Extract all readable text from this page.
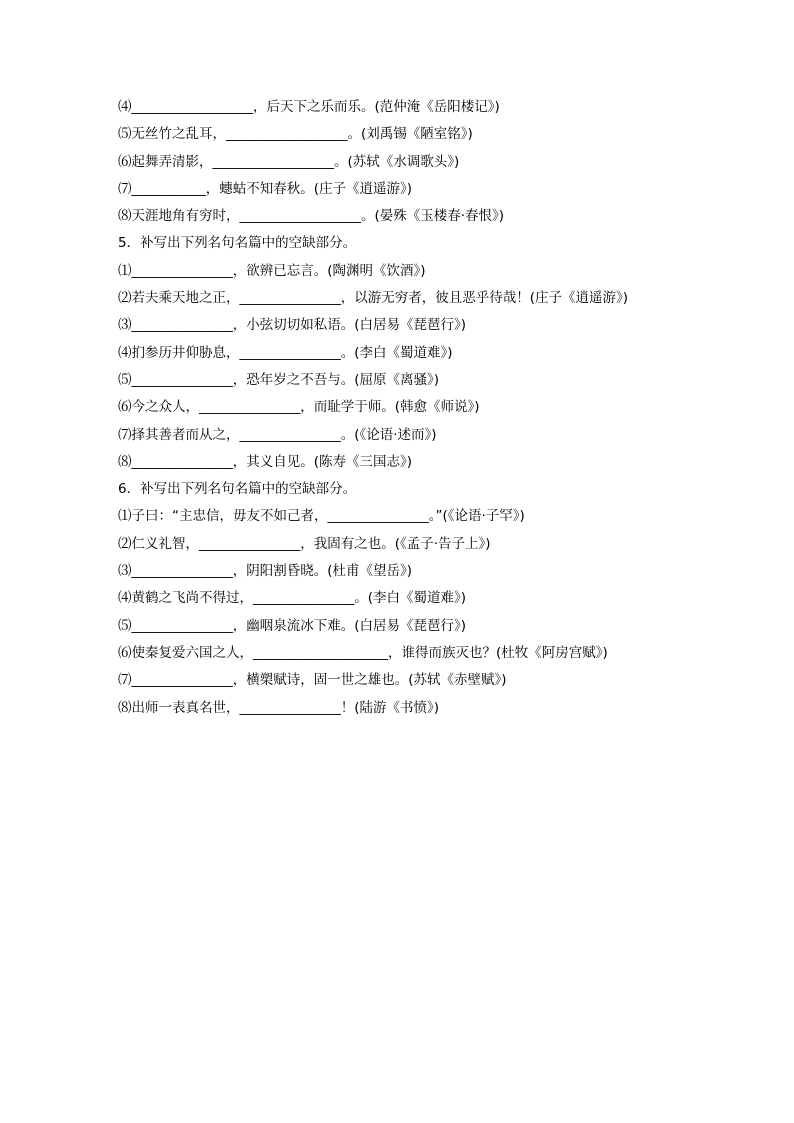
⑷__________________，后天下之乐而乐。(范仲淹《岳阳楼记》)
⑸无丝竹之乱耳，__________________。(刘禹锡《陋室铭》)
⑹起舞弄清影，__________________。(苏轼《水调歌头》)
⑺___________，蟪蛄不知春秋。(庄子《逍遥游》)
⑻天涯地角有穷时，__________________。(晏殊《玉楼春·春恨》)
5．补写出下列名句名篇中的空缺部分。
⑴_______________，欲辨已忘言。(陶渊明《饮酒》)
⑵若夫乘天地之正，_______________，以游无穷者，彼且恶乎待哉！(庄子《逍遥游》)
⑶_______________，小弦切切如私语。(白居易《琵琶行》)
⑷扪参历井仰胁息，_______________。(李白《蜀道难》)
⑸_______________，恐年岁之不吾与。(屈原《离骚》)
⑹今之众人，_______________，而耻学于师。(韩愈《师说》)
⑺择其善者而从之，_______________。(《论语·述而》)
⑻_______________，其义自见。(陈寿《三国志》)
6．补写出下列名句名篇中的空缺部分。
⑴子曰：“主忠信，毋友不如己者，_______________。”(《论语·子罕》)
⑵仁义礼智，_______________，我固有之也。(《孟子·告子上》)
⑶_______________，阴阳割昏晓。(杜甫《望岳》)
⑷黄鹤之飞尚不得过，_______________。(李白《蜀道难》)
⑸_______________，幽咽泉流冰下难。(白居易《琵琶行》)
⑹使秦复爱六国之人，____________________，谁得而族灭也？(杜牧《阿房宫赋》)
⑺_______________，横槊赋诗，固一世之雄也。(苏轼《赤壁赋》)
⑻出师一表真名世，_______________！(陆游《书愤》)
